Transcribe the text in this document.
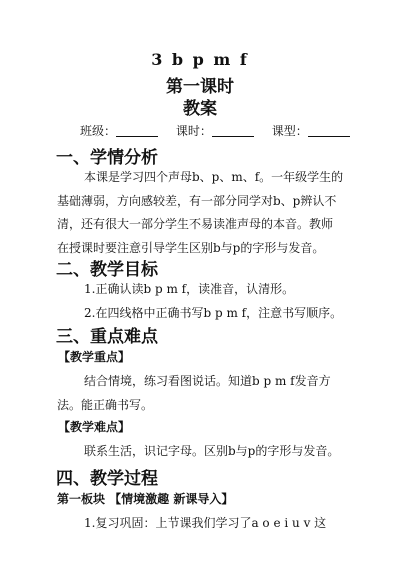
3 b p m f
第一课时
教案
班级：	课时：	课型：
一、学情分析
本课是学习四个声母b、p、m、f。一年级学生的
基础薄弱，方向感较差，有一部分同学对b、p辨认不
清，还有很大一部分学生不易读准声母的本音。教师
在授课时要注意引导学生区别b与p的字形与发音。
二、教学目标
1.正确认读b p m f，读准音，认清形。
2.在四线格中正确书写b p m f，注意书写顺序。
三、重点难点
【教学重点】
结合情境，练习看图说话。知道b p m f发音方
法。能正确书写。
【教学难点】
联系生活，识记字母。区别b与p的字形与发音。
四、教学过程
第一板块 【情境激趣 新课导入】
1.复习巩固：上节课我们学习了a o e i u v 这
